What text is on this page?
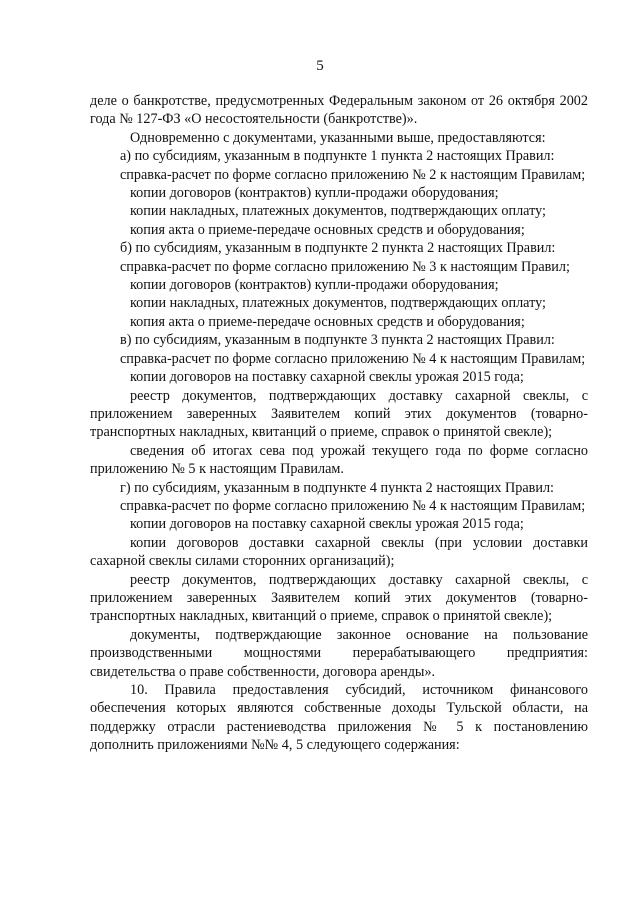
5

деле о банкротстве, предусмотренных Федеральным законом от 26 октября 2002 года № 127-ФЗ «О несостоятельности (банкротстве)».

Одновременно с документами, указанными выше, предоставляются:

а) по субсидиям, указанным в подпункте 1 пункта 2 настоящих Правил:

справка-расчет по форме согласно приложению № 2 к настоящим Правилам;

копии договоров (контрактов) купли-продажи оборудования;

копии накладных, платежных документов, подтверждающих оплату;

копия акта о приеме-передаче основных средств и оборудования;

б) по субсидиям, указанным в подпункте 2 пункта 2 настоящих Правил:

справка-расчет по форме согласно приложению № 3 к настоящим Правил;

копии договоров (контрактов) купли-продажи оборудования;

копии накладных, платежных документов, подтверждающих оплату;

копия акта о приеме-передаче основных средств и оборудования;

в) по субсидиям, указанным в подпункте 3 пункта 2 настоящих Правил:

справка-расчет по форме согласно приложению № 4 к настоящим Правилам;

копии договоров на поставку сахарной свеклы урожая 2015 года;

реестр документов, подтверждающих доставку сахарной свеклы, с приложением заверенных Заявителем копий этих документов (товарно-транспортных накладных, квитанций о приеме, справок о принятой свекле);

сведения об итогах сева под урожай текущего года по форме согласно приложению № 5 к настоящим Правилам.

г) по субсидиям, указанным в подпункте 4 пункта 2 настоящих Правил:

справка-расчет по форме согласно приложению № 4 к настоящим Правилам;

копии договоров на поставку сахарной свеклы урожая 2015 года;

копии договоров доставки сахарной свеклы (при условии доставки сахарной свеклы силами сторонних организаций);

реестр документов, подтверждающих доставку сахарной свеклы, с приложением заверенных Заявителем копий этих документов (товарно-транспортных накладных, квитанций о приеме, справок о принятой свекле);

документы, подтверждающие законное основание на пользование производственными мощностями перерабатывающего предприятия: свидетельства о праве собственности, договора аренды».

10. Правила предоставления субсидий, источником финансового обеспечения которых являются собственные доходы Тульской области, на поддержку отрасли растениеводства приложения № 5 к постановлению дополнить приложениями №№ 4, 5 следующего содержания:
